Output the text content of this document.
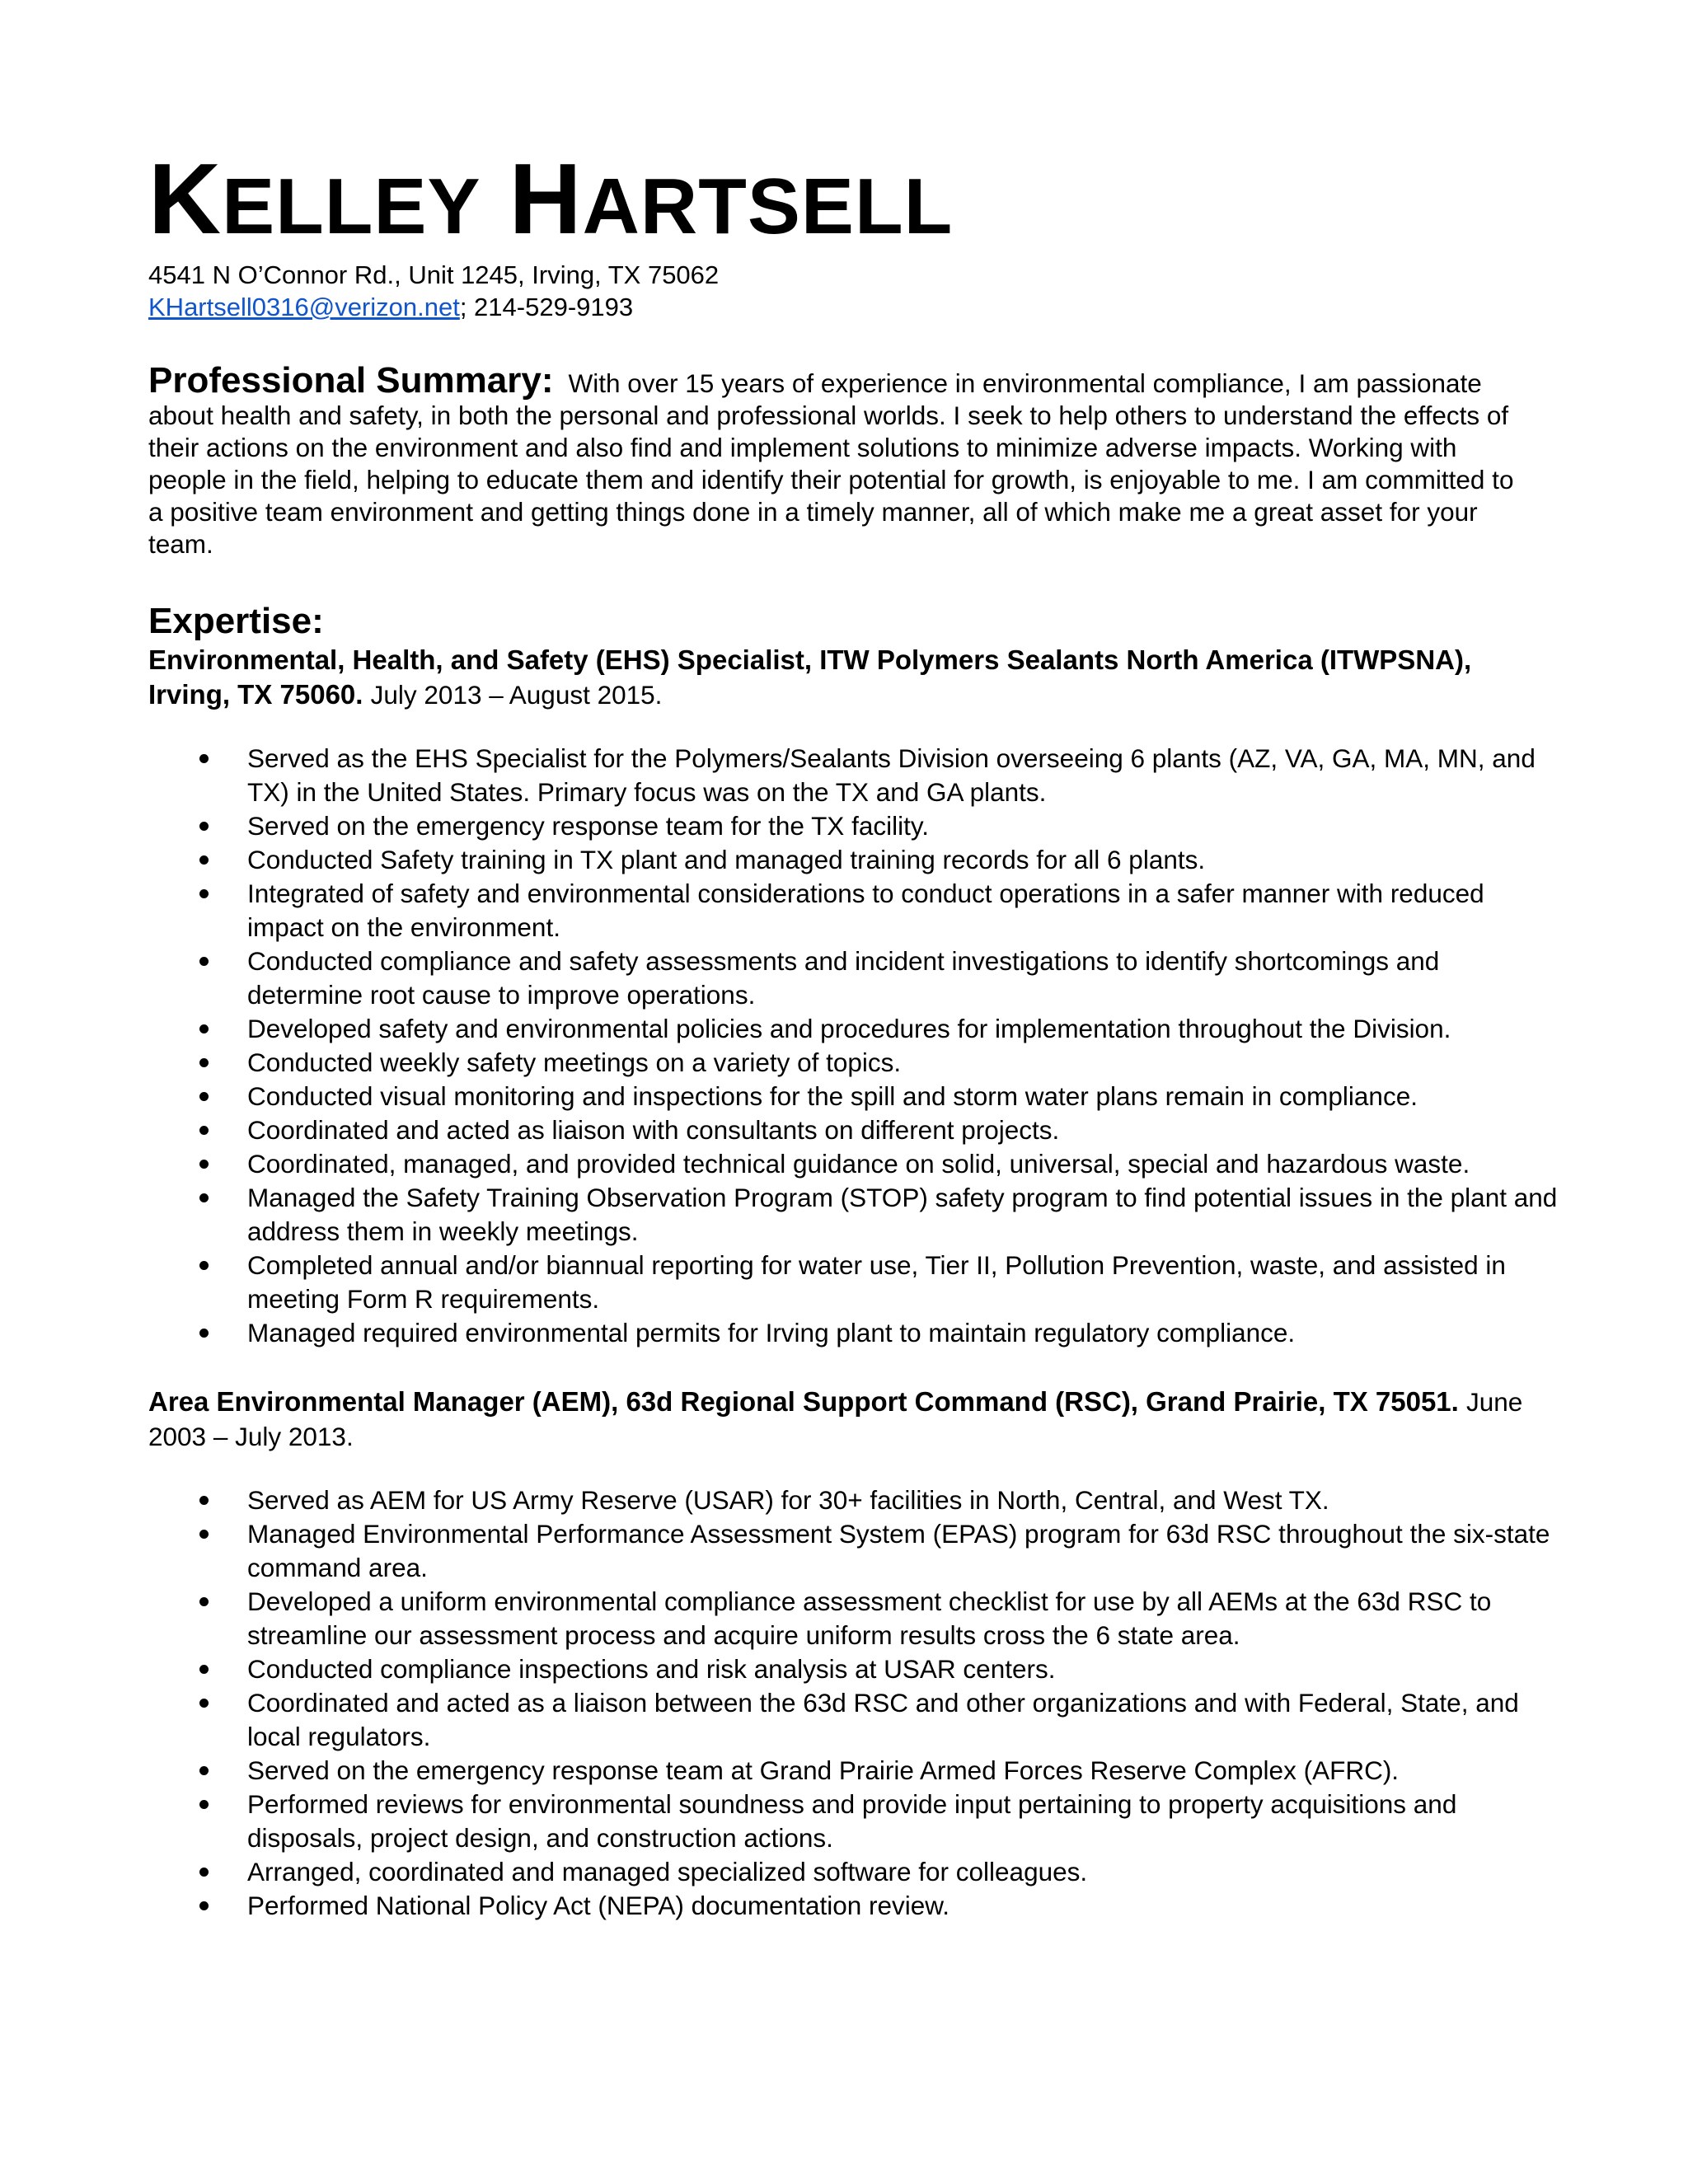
KELLEY HARTSELL
4541 N O’Connor Rd., Unit 1245, Irving, TX 75062
KHartsell0316@verizon.net; 214-529-9193

Professional Summary: With over 15 years of experience in environmental compliance, I am passionate about health and safety, in both the personal and professional worlds. I seek to help others to understand the effects of their actions on the environment and also find and implement solutions to minimize adverse impacts. Working with people in the field, helping to educate them and identify their potential for growth, is enjoyable to me. I am committed to a positive team environment and getting things done in a timely manner, all of which make me a great asset for your team.

Expertise:

Environmental, Health, and Safety (EHS) Specialist, ITW Polymers Sealants North America (ITWPSNA), Irving, TX 75060. July 2013 – August 2015.

Served as the EHS Specialist for the Polymers/Sealants Division overseeing 6 plants (AZ, VA, GA, MA, MN, and TX) in the United States. Primary focus was on the TX and GA plants.
Served on the emergency response team for the TX facility.
Conducted Safety training in TX plant and managed training records for all 6 plants.
Integrated of safety and environmental considerations to conduct operations in a safer manner with reduced impact on the environment.
Conducted compliance and safety assessments and incident investigations to identify shortcomings and determine root cause to improve operations.
Developed safety and environmental policies and procedures for implementation throughout the Division.
Conducted weekly safety meetings on a variety of topics.
Conducted visual monitoring and inspections for the spill and storm water plans remain in compliance.
Coordinated and acted as liaison with consultants on different projects.
Coordinated, managed, and provided technical guidance on solid, universal, special and hazardous waste.
Managed the Safety Training Observation Program (STOP) safety program to find potential issues in the plant and address them in weekly meetings.
Completed annual and/or biannual reporting for water use, Tier II, Pollution Prevention, waste, and assisted in meeting Form R requirements.
Managed required environmental permits for Irving plant to maintain regulatory compliance.

Area Environmental Manager (AEM), 63d Regional Support Command (RSC), Grand Prairie, TX 75051. June 2003 – July 2013.

Served as AEM for US Army Reserve (USAR) for 30+ facilities in North, Central, and West TX.
Managed Environmental Performance Assessment System (EPAS) program for 63d RSC throughout the six-state command area.
Developed a uniform environmental compliance assessment checklist for use by all AEMs at the 63d RSC to streamline our assessment process and acquire uniform results cross the 6 state area.
Conducted compliance inspections and risk analysis at USAR centers.
Coordinated and acted as a liaison between the 63d RSC and other organizations and with Federal, State, and local regulators.
Served on the emergency response team at Grand Prairie Armed Forces Reserve Complex (AFRC).
Performed reviews for environmental soundness and provide input pertaining to property acquisitions and disposals, project design, and construction actions.
Arranged, coordinated and managed specialized software for colleagues.
Performed National Policy Act (NEPA) documentation review.
